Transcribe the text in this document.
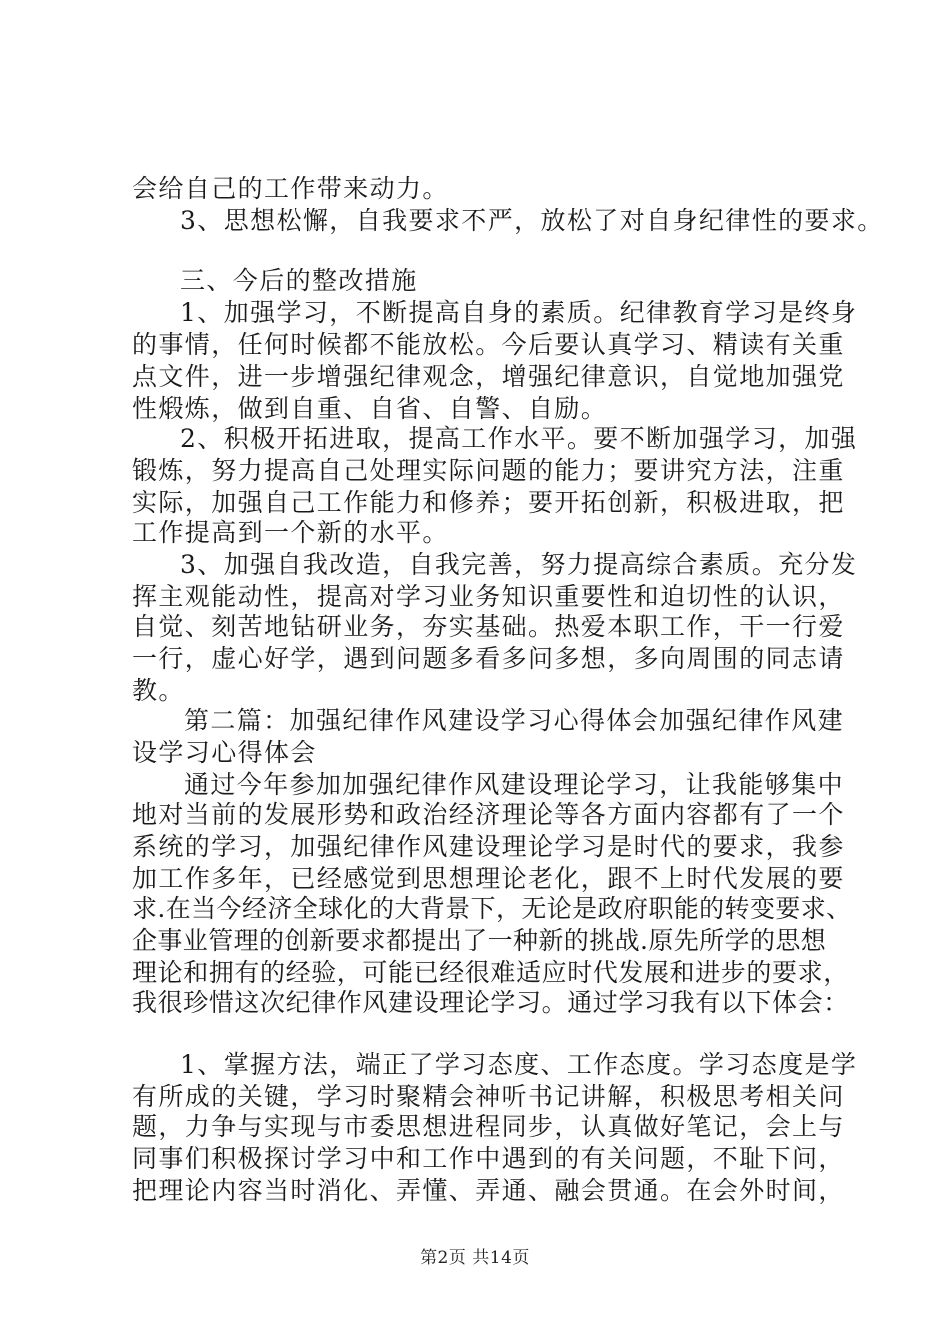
会给自己的工作带来动力。
3、思想松懈，自我要求不严，放松了对自身纪律性的要求。
三、今后的整改措施
1、加强学习，不断提高自身的素质。纪律教育学习是终身
的事情，任何时候都不能放松。今后要认真学习、精读有关重
点文件，进一步增强纪律观念，增强纪律意识，自觉地加强党
性煅炼，做到自重、自省、自警、自励。
2、积极开拓进取，提高工作水平。要不断加强学习，加强
锻炼，努力提高自己处理实际问题的能力；要讲究方法，注重
实际，加强自己工作能力和修养；要开拓创新，积极进取，把
工作提高到一个新的水平。
3、加强自我改造，自我完善，努力提高综合素质。充分发
挥主观能动性，提高对学习业务知识重要性和迫切性的认识，
自觉、刻苦地钻研业务，夯实基础。热爱本职工作，干一行爱
一行，虚心好学，遇到问题多看多问多想，多向周围的同志请
教。
第二篇：加强纪律作风建设学习心得体会加强纪律作风建
设学习心得体会
通过今年参加加强纪律作风建设理论学习，让我能够集中
地对当前的发展形势和政治经济理论等各方面内容都有了一个
系统的学习，加强纪律作风建设理论学习是时代的要求，我参
加工作多年，已经感觉到思想理论老化，跟不上时代发展的要
求.在当今经济全球化的大背景下，无论是政府职能的转变要求、
企事业管理的创新要求都提出了一种新的挑战.原先所学的思想
理论和拥有的经验，可能已经很难适应时代发展和进步的要求，
我很珍惜这次纪律作风建设理论学习。通过学习我有以下体会：
1、掌握方法，端正了学习态度、工作态度。学习态度是学
有所成的关键，学习时聚精会神听书记讲解，积极思考相关问
题，力争与实现与市委思想进程同步，认真做好笔记，会上与
同事们积极探讨学习中和工作中遇到的有关问题，不耻下问，
把理论内容当时消化、弄懂、弄通、融会贯通。在会外时间，
第2页 共14页
